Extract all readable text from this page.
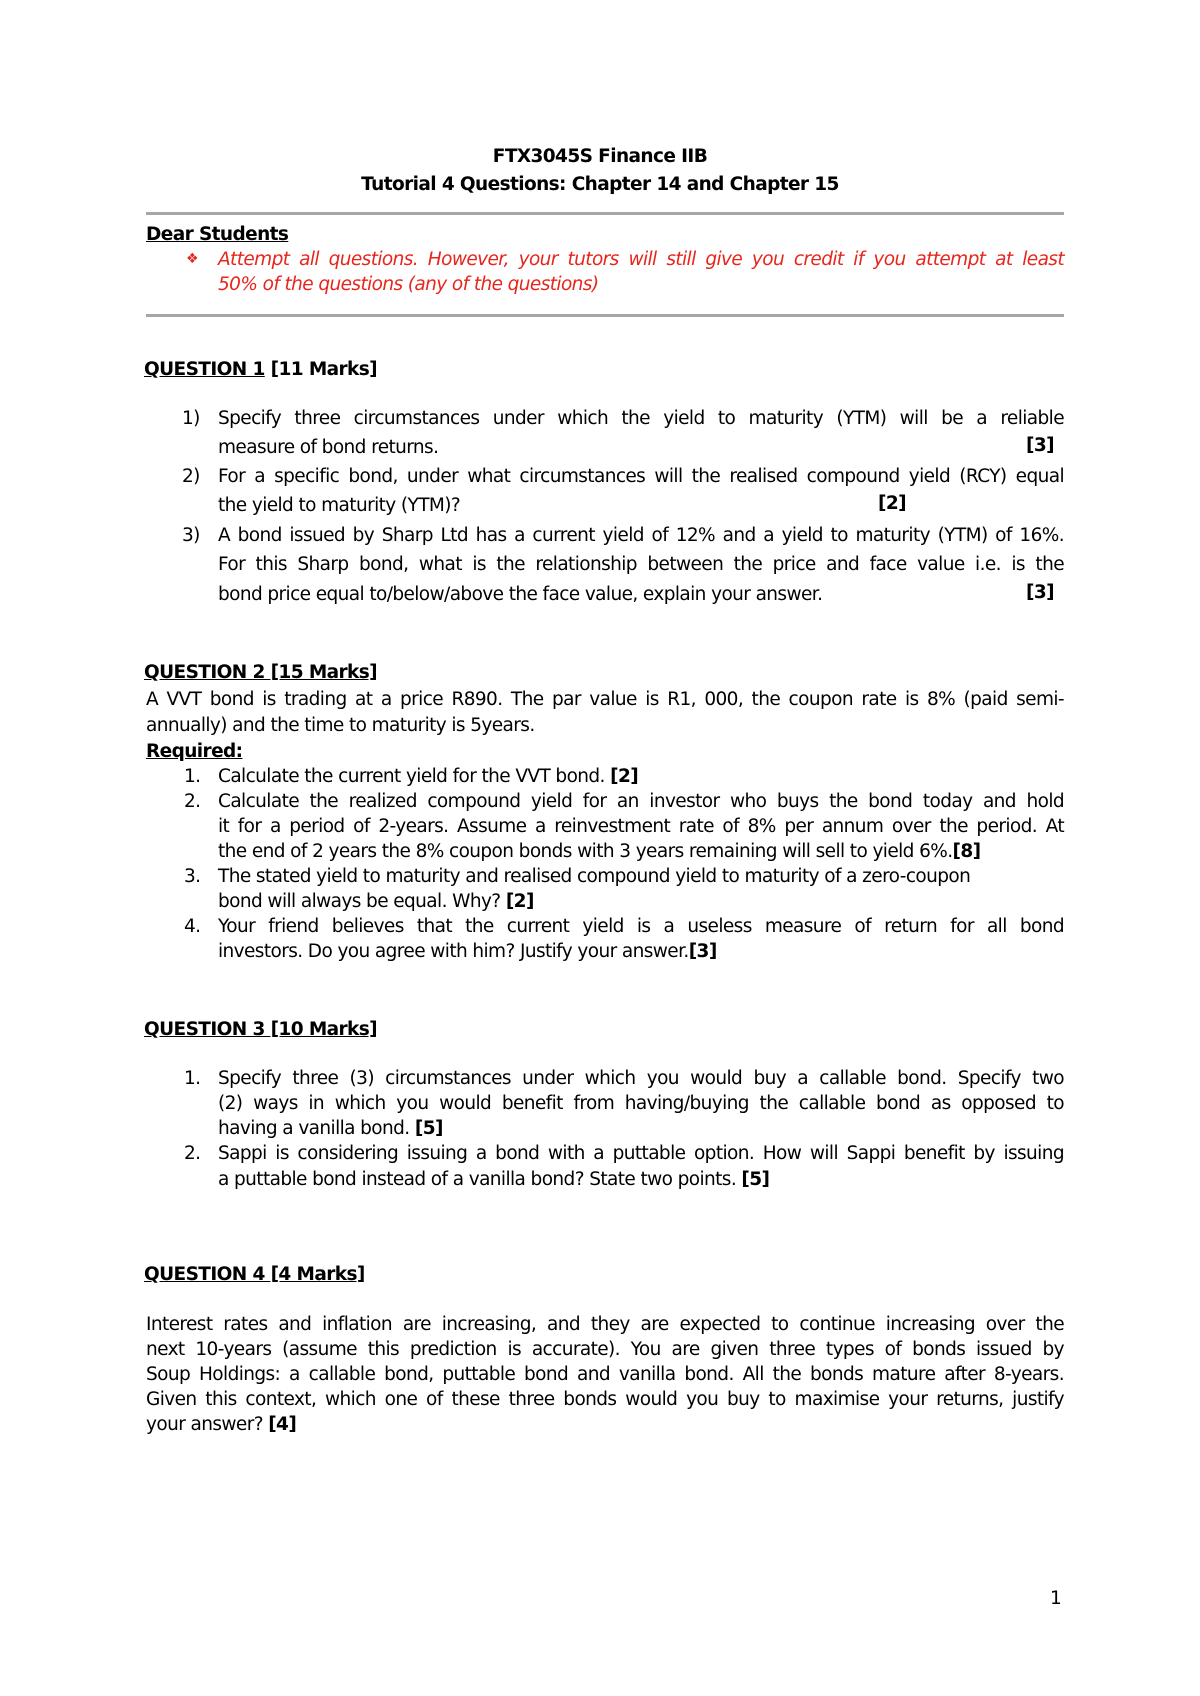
FTX3045S Finance IIB
Tutorial 4 Questions: Chapter 14 and Chapter 15
Dear Students
❖ Attempt all questions. However, your tutors will still give you credit if you attempt at least
50% of the questions (any of the questions)
QUESTION 1 [11 Marks]
1) Specify three circumstances under which the yield to maturity (YTM) will be a reliable
measure of bond returns.	[3]
2) For a specific bond, under what circumstances will the realised compound yield (RCY) equal
the yield to maturity (YTM)?	[2]
3) A bond issued by Sharp Ltd has a current yield of 12% and a yield to maturity (YTM) of 16%.
For this Sharp bond, what is the relationship between the price and face value i.e. is the
bond price equal to/below/above the face value, explain your answer.	[3]
QUESTION 2 [15 Marks]
A VVT bond is trading at a price R890. The par value is R1, 000, the coupon rate is 8% (paid semi-
annually) and the time to maturity is 5years.
Required:
1. Calculate the current yield for the VVT bond. [2]
2. Calculate the realized compound yield for an investor who buys the bond today and hold
it for a period of 2-years. Assume a reinvestment rate of 8% per annum over the period. At
the end of 2 years the 8% coupon bonds with 3 years remaining will sell to yield 6%.[8]
3. The stated yield to maturity and realised compound yield to maturity of a zero-coupon
bond will always be equal. Why? [2]
4. Your friend believes that the current yield is a useless measure of return for all bond
investors. Do you agree with him? Justify your answer.[3]
QUESTION 3 [10 Marks]
1. Specify three (3) circumstances under which you would buy a callable bond. Specify two
(2) ways in which you would benefit from having/buying the callable bond as opposed to
having a vanilla bond. [5]
2. Sappi is considering issuing a bond with a puttable option. How will Sappi benefit by issuing
a puttable bond instead of a vanilla bond? State two points. [5]
QUESTION 4 [4 Marks]
Interest rates and inflation are increasing, and they are expected to continue increasing over the
next 10-years (assume this prediction is accurate). You are given three types of bonds issued by
Soup Holdings: a callable bond, puttable bond and vanilla bond. All the bonds mature after 8-years.
Given this context, which one of these three bonds would you buy to maximise your returns, justify
your answer? [4]
1
